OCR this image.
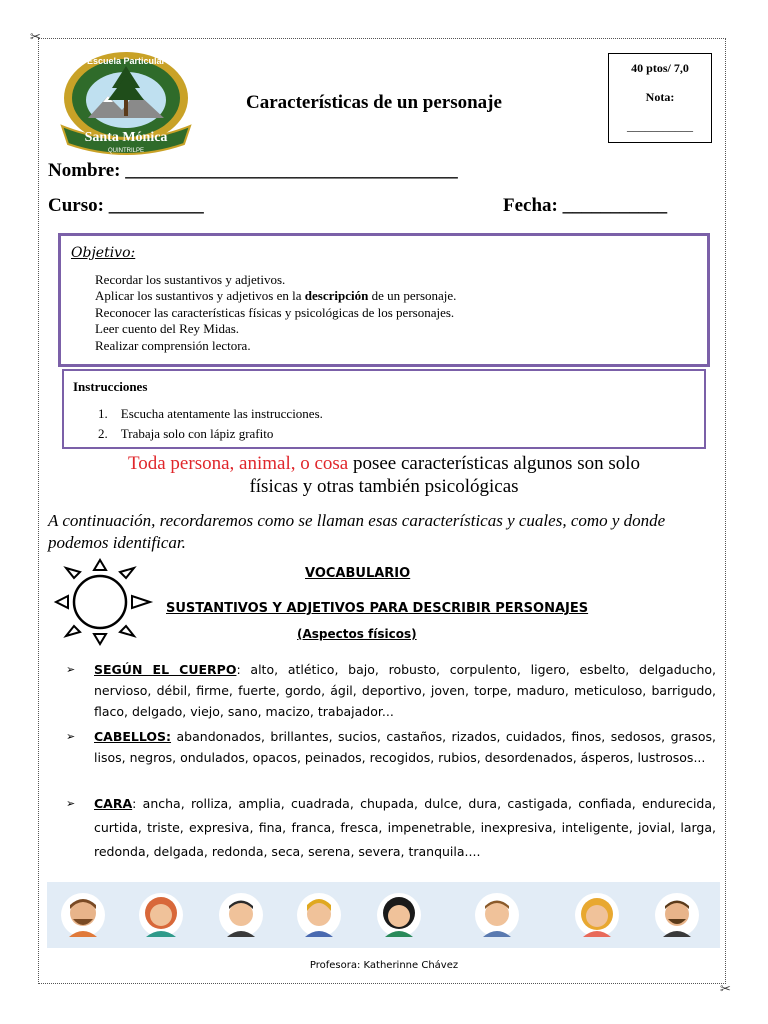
✂
✂
Escuela Particular
Santa Mónica
QUINTRILPE
Características de un personaje
40 ptos/ 7,0
Nota:
___________
Nombre: ___________________________________
Curso: __________	Fecha: ___________
Objetivo:
Recordar los sustantivos y adjetivos.
Aplicar los sustantivos y adjetivos en la descripción de un personaje.
Reconocer las características físicas y psicológicas de los personajes.
Leer cuento del Rey Midas.
Realizar comprensión lectora.
Instrucciones
1.    Escucha atentamente las instrucciones.
2.    Trabaja solo con lápiz grafito
Toda persona, animal, o cosa posee características algunos son solo
físicas y otras también psicológicas
A continuación, recordaremos como se llaman esas características y cuales, como y donde podemos identificar.
VOCABULARIO
SUSTANTIVOS Y ADJETIVOS PARA DESCRIBIR PERSONAJES
(Aspectos físicos)
➢ SEGÚN EL CUERPO: alto, atlético, bajo, robusto, corpulento, ligero, esbelto, delgaducho, nervioso, débil, firme, fuerte, gordo, ágil, deportivo, joven, torpe, maduro, meticuloso, barrigudo, flaco, delgado, viejo, sano, macizo, trabajador...
➢ CABELLOS: abandonados, brillantes, sucios, castaños, rizados, cuidados, finos, sedosos, grasos, lisos, negros, ondulados, opacos, peinados, recogidos, rubios, desordenados, ásperos, lustrosos...
➢ CARA: ancha, rolliza, amplia, cuadrada, chupada, dulce, dura, castigada, confiada, endurecida, curtida, triste, expresiva, fina, franca, fresca, impenetrable, inexpresiva, inteligente, jovial, larga, redonda, delgada, redonda, seca, serena, severa, tranquila....
Profesora: Katherinne Chávez
